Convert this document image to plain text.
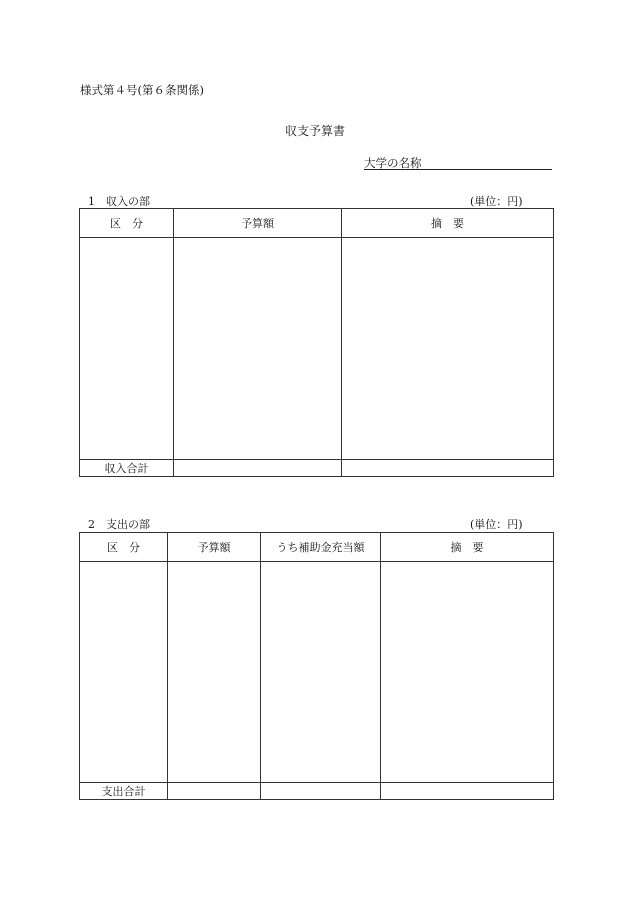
様式第４号(第６条関係)
収支予算書
大学の名称
1　収入の部	(単位：円)
区　分	予算額	摘　要

収入合計		
2　支出の部	(単位：円)
区　分	予算額	うち補助金充当額	摘　要

支出合計			
